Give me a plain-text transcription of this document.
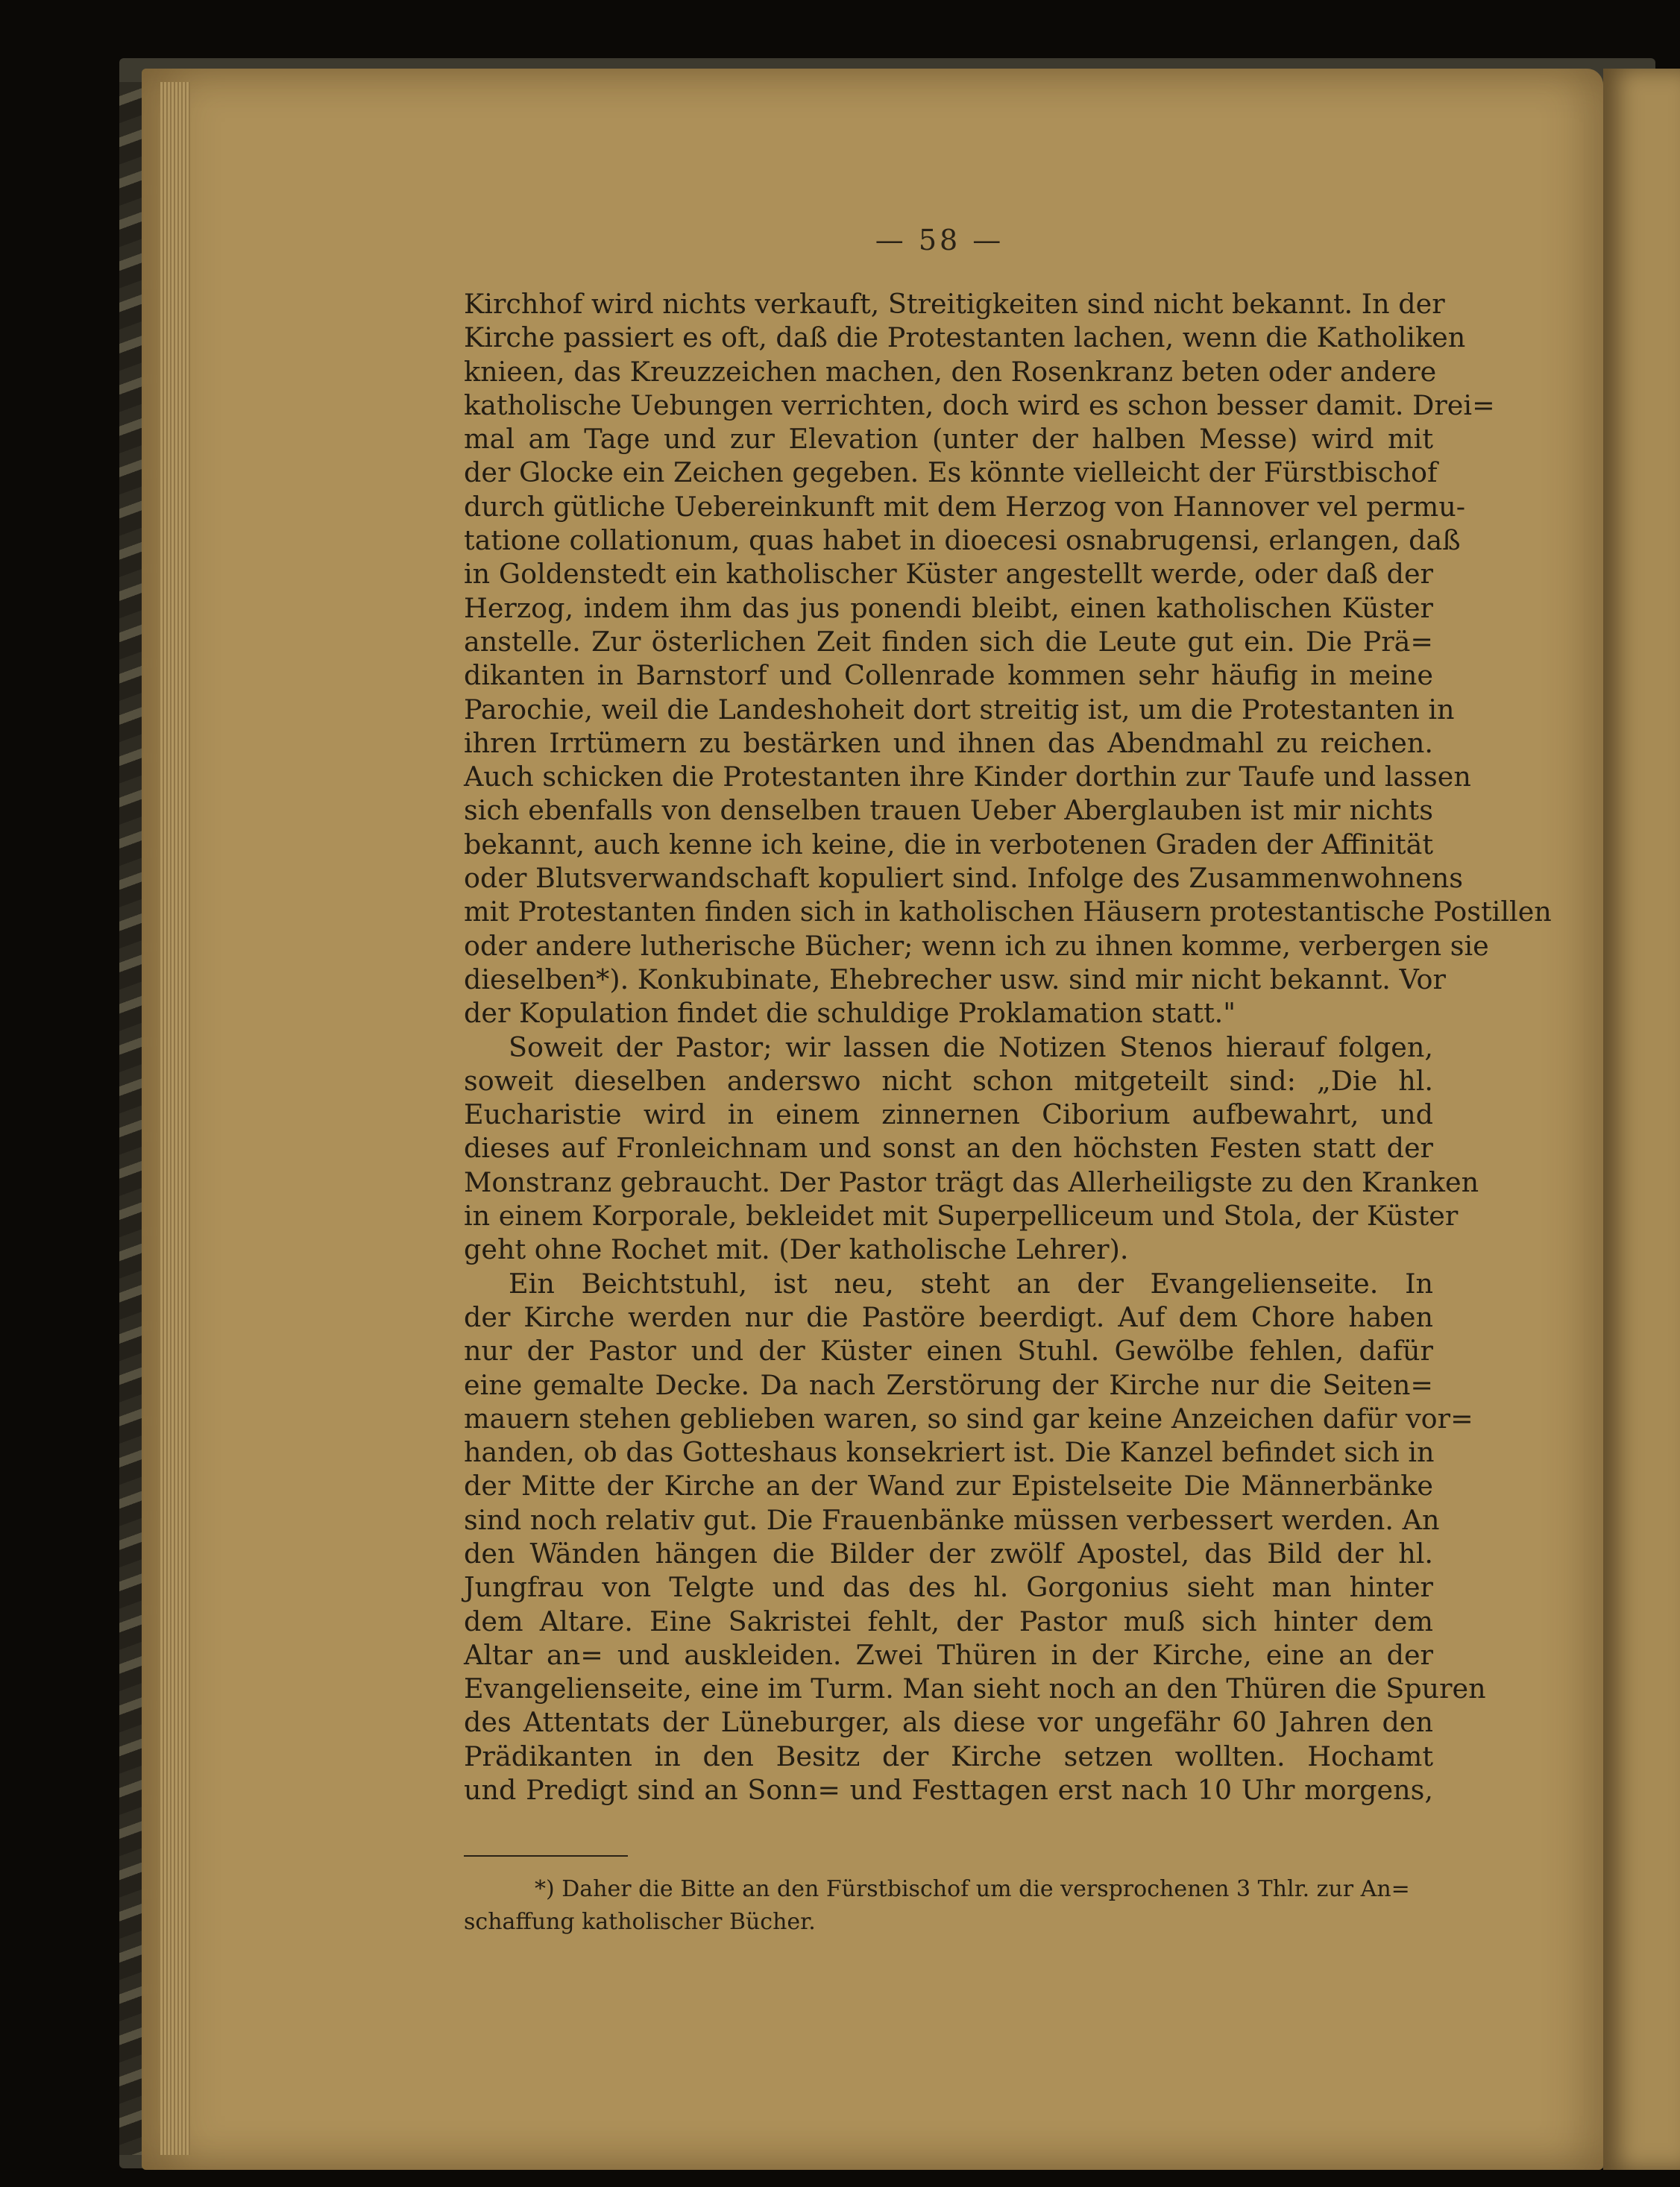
— 58 —
Kirchhof wird nichts verkauft, Streitigkeiten sind nicht bekannt. In der
Kirche passiert es oft, daß die Protestanten lachen, wenn die Katholiken
knieen, das Kreuzzeichen machen, den Rosenkranz beten oder andere
katholische Uebungen verrichten, doch wird es schon besser damit. Drei=
mal am Tage und zur Elevation (unter der halben Messe) wird mit
der Glocke ein Zeichen gegeben. Es könnte vielleicht der Fürstbischof
durch gütliche Uebereinkunft mit dem Herzog von Hannover vel permu-
tatione collationum, quas habet in dioecesi osnabrugensi, erlangen, daß
in Goldenstedt ein katholischer Küster angestellt werde, oder daß der
Herzog, indem ihm das jus ponendi bleibt, einen katholischen Küster
anstelle. Zur österlichen Zeit finden sich die Leute gut ein. Die Prä=
dikanten in Barnstorf und Collenrade kommen sehr häufig in meine
Parochie, weil die Landeshoheit dort streitig ist, um die Protestanten in
ihren Irrtümern zu bestärken und ihnen das Abendmahl zu reichen.
Auch schicken die Protestanten ihre Kinder dorthin zur Taufe und lassen
sich ebenfalls von denselben trauen Ueber Aberglauben ist mir nichts
bekannt, auch kenne ich keine, die in verbotenen Graden der Affinität
oder Blutsverwandschaft kopuliert sind. Infolge des Zusammenwohnens
mit Protestanten finden sich in katholischen Häusern protestantische Postillen
oder andere lutherische Bücher; wenn ich zu ihnen komme, verbergen sie
dieselben*). Konkubinate, Ehebrecher usw. sind mir nicht bekannt. Vor
der Kopulation findet die schuldige Proklamation statt."
Soweit der Pastor; wir lassen die Notizen Stenos hierauf folgen,
soweit dieselben anderswo nicht schon mitgeteilt sind: „Die hl.
Eucharistie wird in einem zinnernen Ciborium aufbewahrt, und
dieses auf Fronleichnam und sonst an den höchsten Festen statt der
Monstranz gebraucht. Der Pastor trägt das Allerheiligste zu den Kranken
in einem Korporale, bekleidet mit Superpelliceum und Stola, der Küster
geht ohne Rochet mit. (Der katholische Lehrer).
Ein Beichtstuhl, ist neu, steht an der Evangelienseite. In
der Kirche werden nur die Pastöre beerdigt. Auf dem Chore haben
nur der Pastor und der Küster einen Stuhl. Gewölbe fehlen, dafür
eine gemalte Decke. Da nach Zerstörung der Kirche nur die Seiten=
mauern stehen geblieben waren, so sind gar keine Anzeichen dafür vor=
handen, ob das Gotteshaus konsekriert ist. Die Kanzel befindet sich in
der Mitte der Kirche an der Wand zur Epistelseite Die Männerbänke
sind noch relativ gut. Die Frauenbänke müssen verbessert werden. An
den Wänden hängen die Bilder der zwölf Apostel, das Bild der hl.
Jungfrau von Telgte und das des hl. Gorgonius sieht man hinter
dem Altare. Eine Sakristei fehlt, der Pastor muß sich hinter dem
Altar an= und auskleiden. Zwei Thüren in der Kirche, eine an der
Evangelienseite, eine im Turm. Man sieht noch an den Thüren die Spuren
des Attentats der Lüneburger, als diese vor ungefähr 60 Jahren den
Prädikanten in den Besitz der Kirche setzen wollten. Hochamt
und Predigt sind an Sonn= und Festtagen erst nach 10 Uhr morgens,
*) Daher die Bitte an den Fürstbischof um die versprochenen 3 Thlr. zur An=
schaffung katholischer Bücher.
